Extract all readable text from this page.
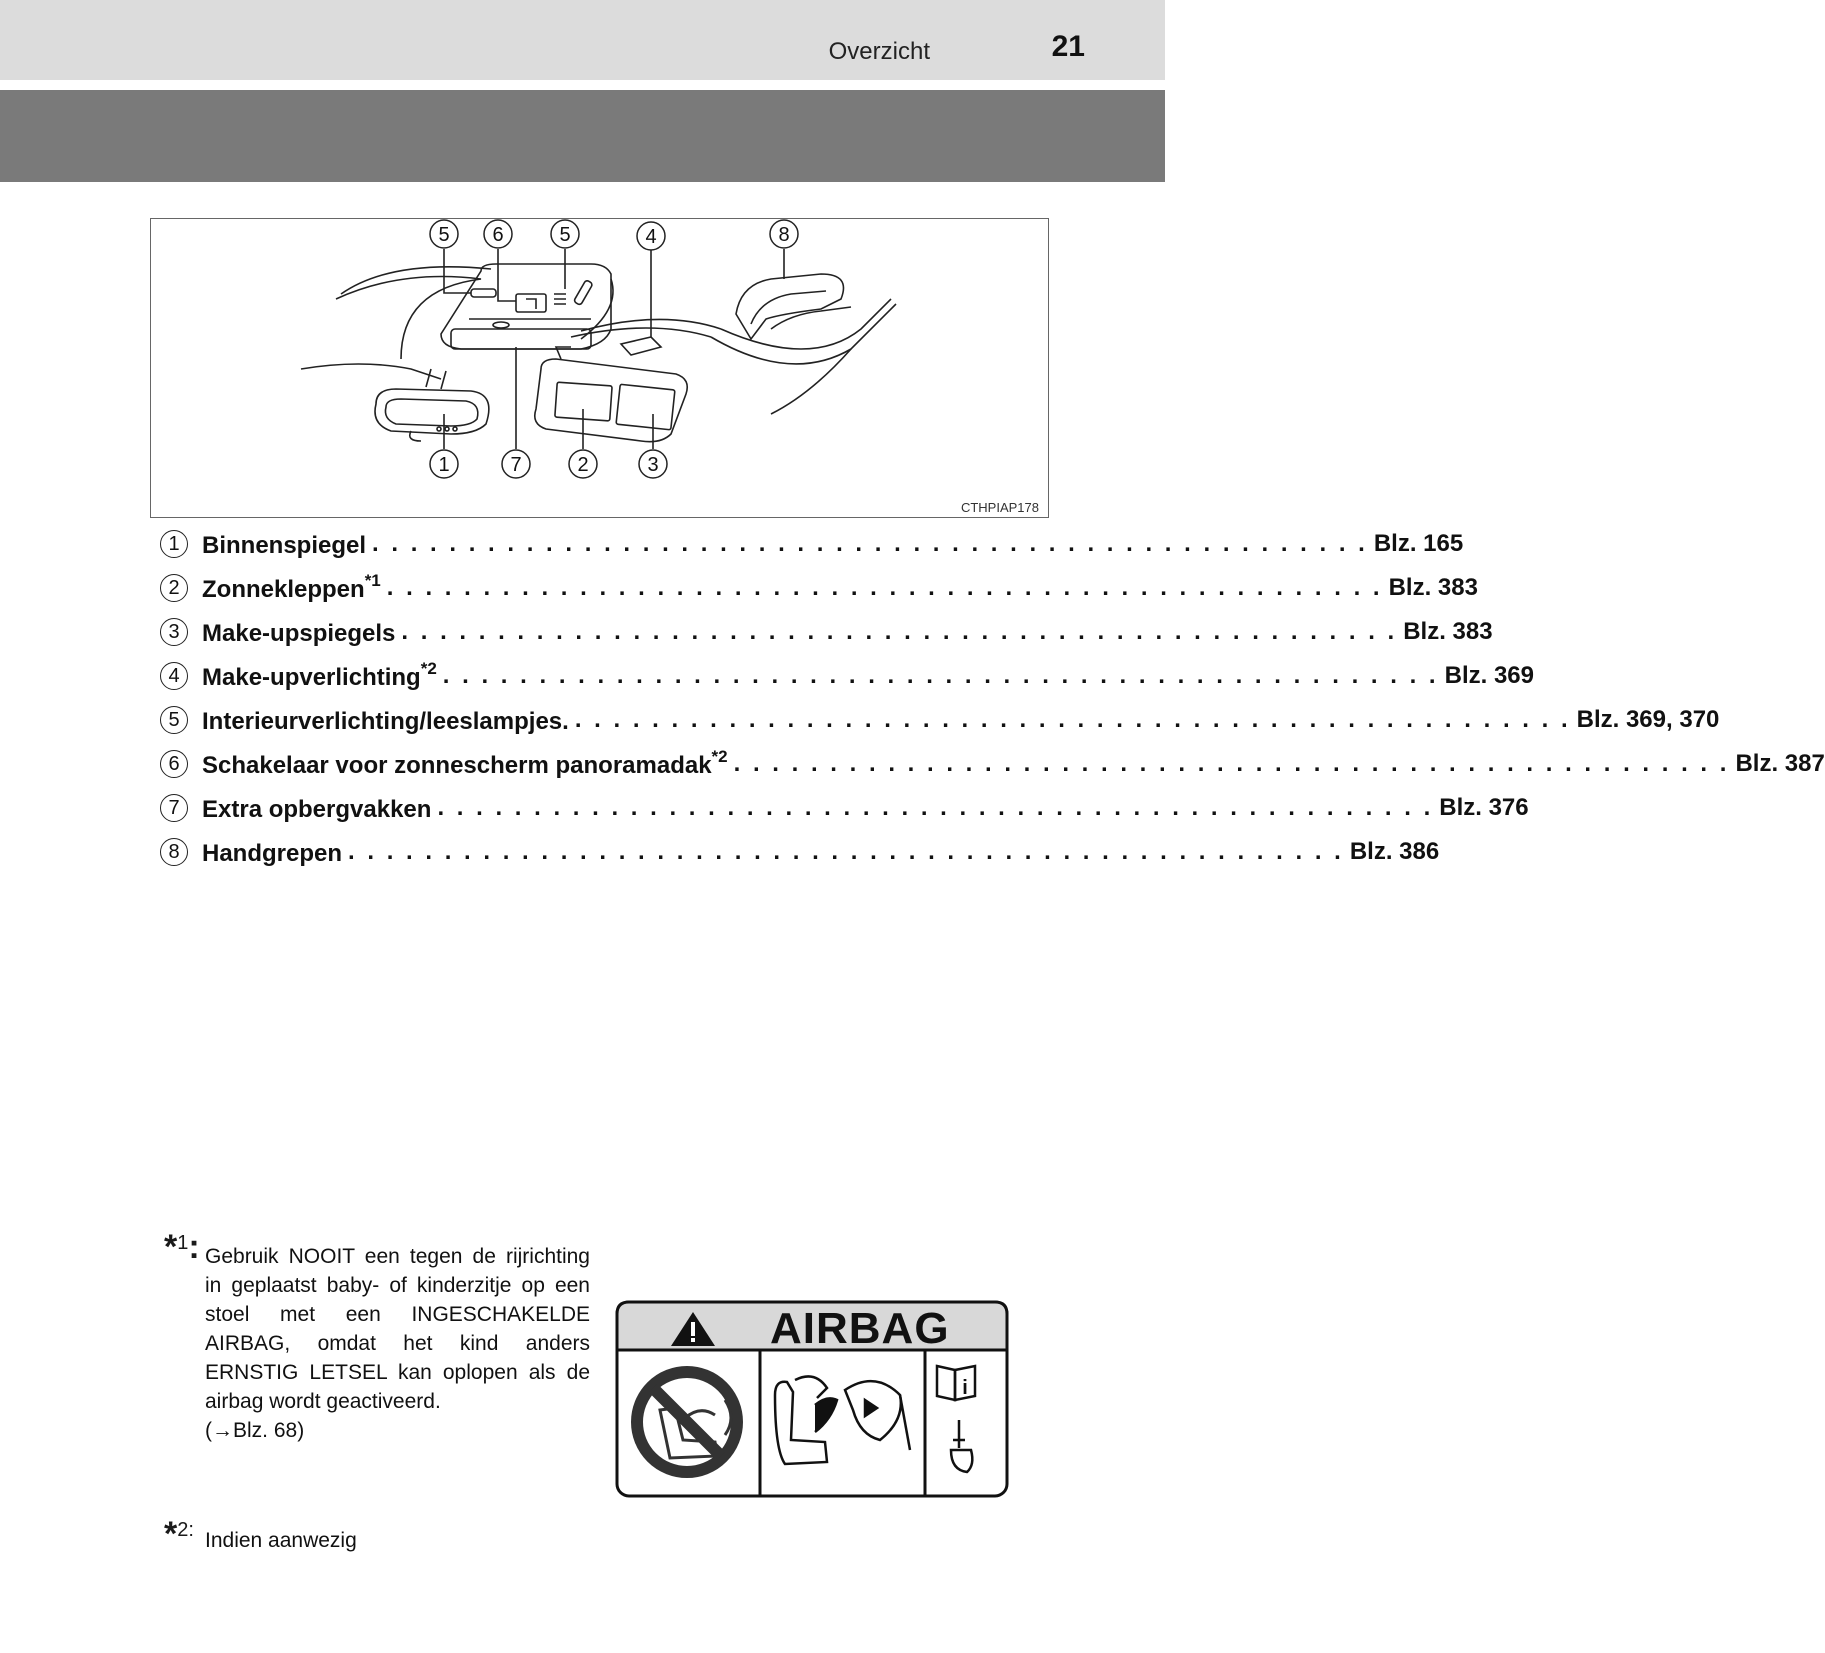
Overzicht	21
5 6	5	4	8
1	7	2	3
CTHPIAP178
1 Binnenspiegel . . . . . . . . . . . . . . . . . . . . . . . . . . . . . . . . . . . . . . . . . . . . . . . . . . . . Blz. 165
2 Zonnekleppen$^{*1}$ . . . . . . . . . . . . . . . . . . . . . . . . . . . . . . . . . . . . . . . . . . . . . . . . . . . . Blz. 383
3 Make-upspiegels . . . . . . . . . . . . . . . . . . . . . . . . . . . . . . . . . . . . . . . . . . . . . . . . . . . . Blz. 383
4 Make-upverlichting$^{*2}$ . . . . . . . . . . . . . . . . . . . . . . . . . . . . . . . . . . . . . . . . . . . . . . . . . . . . Blz. 369
5 Interieurverlichting/leeslampjes. . . . . . . . . . . . . . . . . . . . . . . . . . . . . . . . . . . . . . . . . . . . . . . . . . . . . Blz. 369, 370
6 Schakelaar voor zonnescherm panoramadak$^{*2}$ . . . . . . . . . . . . . . . . . . . . . . . . . . . . . . . . . . . . . . . . . . . . . . . . . . . . Blz. 387
7 Extra opbergvakken . . . . . . . . . . . . . . . . . . . . . . . . . . . . . . . . . . . . . . . . . . . . . . . . . . . . Blz. 376
8 Handgrepen . . . . . . . . . . . . . . . . . . . . . . . . . . . . . . . . . . . . . . . . . . . . . . . . . . . . Blz. 386
*1: Gebruik NOOIT een tegen de rijrichting in geplaatst baby- of kinderzitje op een stoel met een INGESCHAKELDE AIRBAG, omdat het kind anders ERNSTIG LETSEL kan oplopen als de airbag wordt geactiveerd.
(→Blz. 68)
i
AIRBAG
*2: Indien aanwezig
